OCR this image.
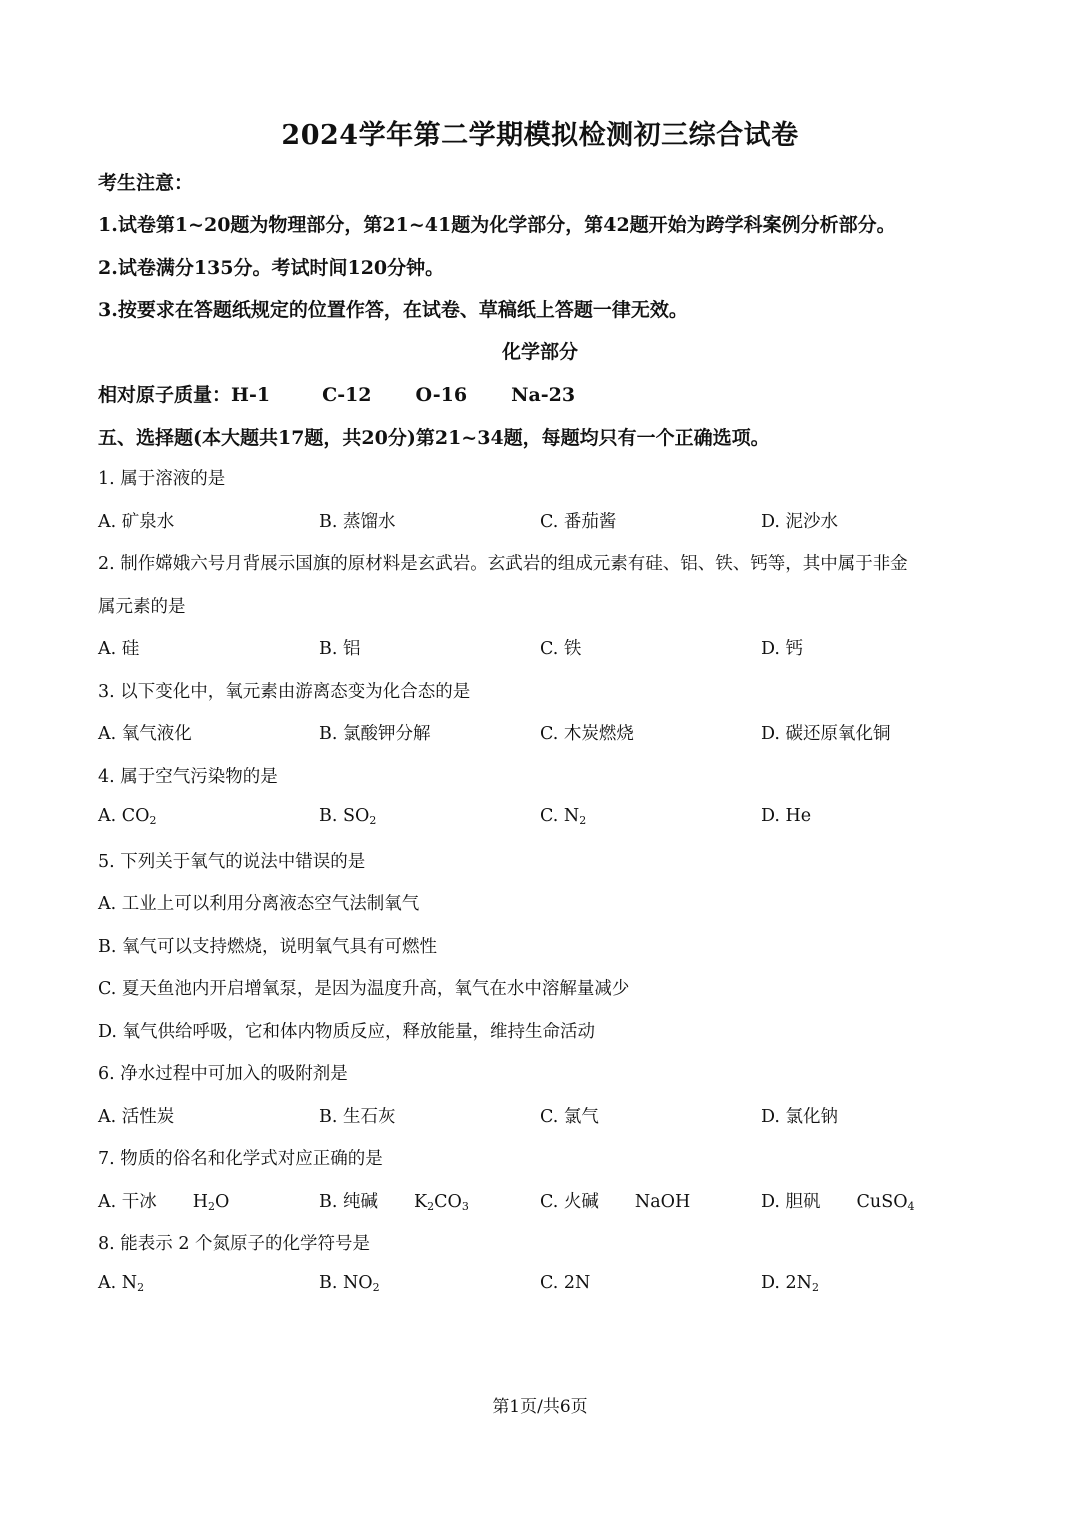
2024学年第二学期模拟检测初三综合试卷
考生注意：
1.试卷第1~20题为物理部分，第21~41题为化学部分，第42题开始为跨学科案例分析部分。
2.试卷满分135分。考试时间120分钟。
3.按要求在答题纸规定的位置作答，在试卷、草稿纸上答题一律无效。
化学部分
相对原子质量：H-1	C-12 O-16 Na-23
五、选择题(本大题共17题，共20分)第21~34题，每题均只有一个正确选项。
1. 属于溶液的是
A. 矿泉水	B. 蒸馏水	C. 番茄酱	D. 泥沙水
2. 制作嫦娥六号月背展示国旗的原材料是玄武岩。玄武岩的组成元素有硅、铝、铁、钙等，其中属于非金
属元素的是
A. 硅	B. 铝	C. 铁	D. 钙
3. 以下变化中，氧元素由游离态变为化合态的是
A. 氧气液化	B. 氯酸钾分解	C. 木炭燃烧	D. 碳还原氧化铜
4. 属于空气污染物的是
A. $CO_2$	B. $SO_2$	C. $N_2$	D. He
5. 下列关于氧气的说法中错误的是
A. 工业上可以利用分离液态空气法制氧气
B. 氧气可以支持燃烧，说明氧气具有可燃性
C. 夏天鱼池内开启增氧泵，是因为温度升高，氧气在水中溶解量减少
D. 氧气供给呼吸，它和体内物质反应，释放能量，维持生命活动
6. 净水过程中可加入的吸附剂是
A. 活性炭	B. 生石灰	C. 氯气	D. 氯化钠
7. 物质的俗名和化学式对应正确的是
A. 干冰 $H_2O$	B. 纯碱 $K_2CO_3$	C. 火碱 NaOH	D. 胆矾 CuSO$_4$
8. 能表示 2 个氮原子的化学符号是
A. $N_2$	B. $NO_2$	C. 2N	D. $2N_2$
第1页/共6页
